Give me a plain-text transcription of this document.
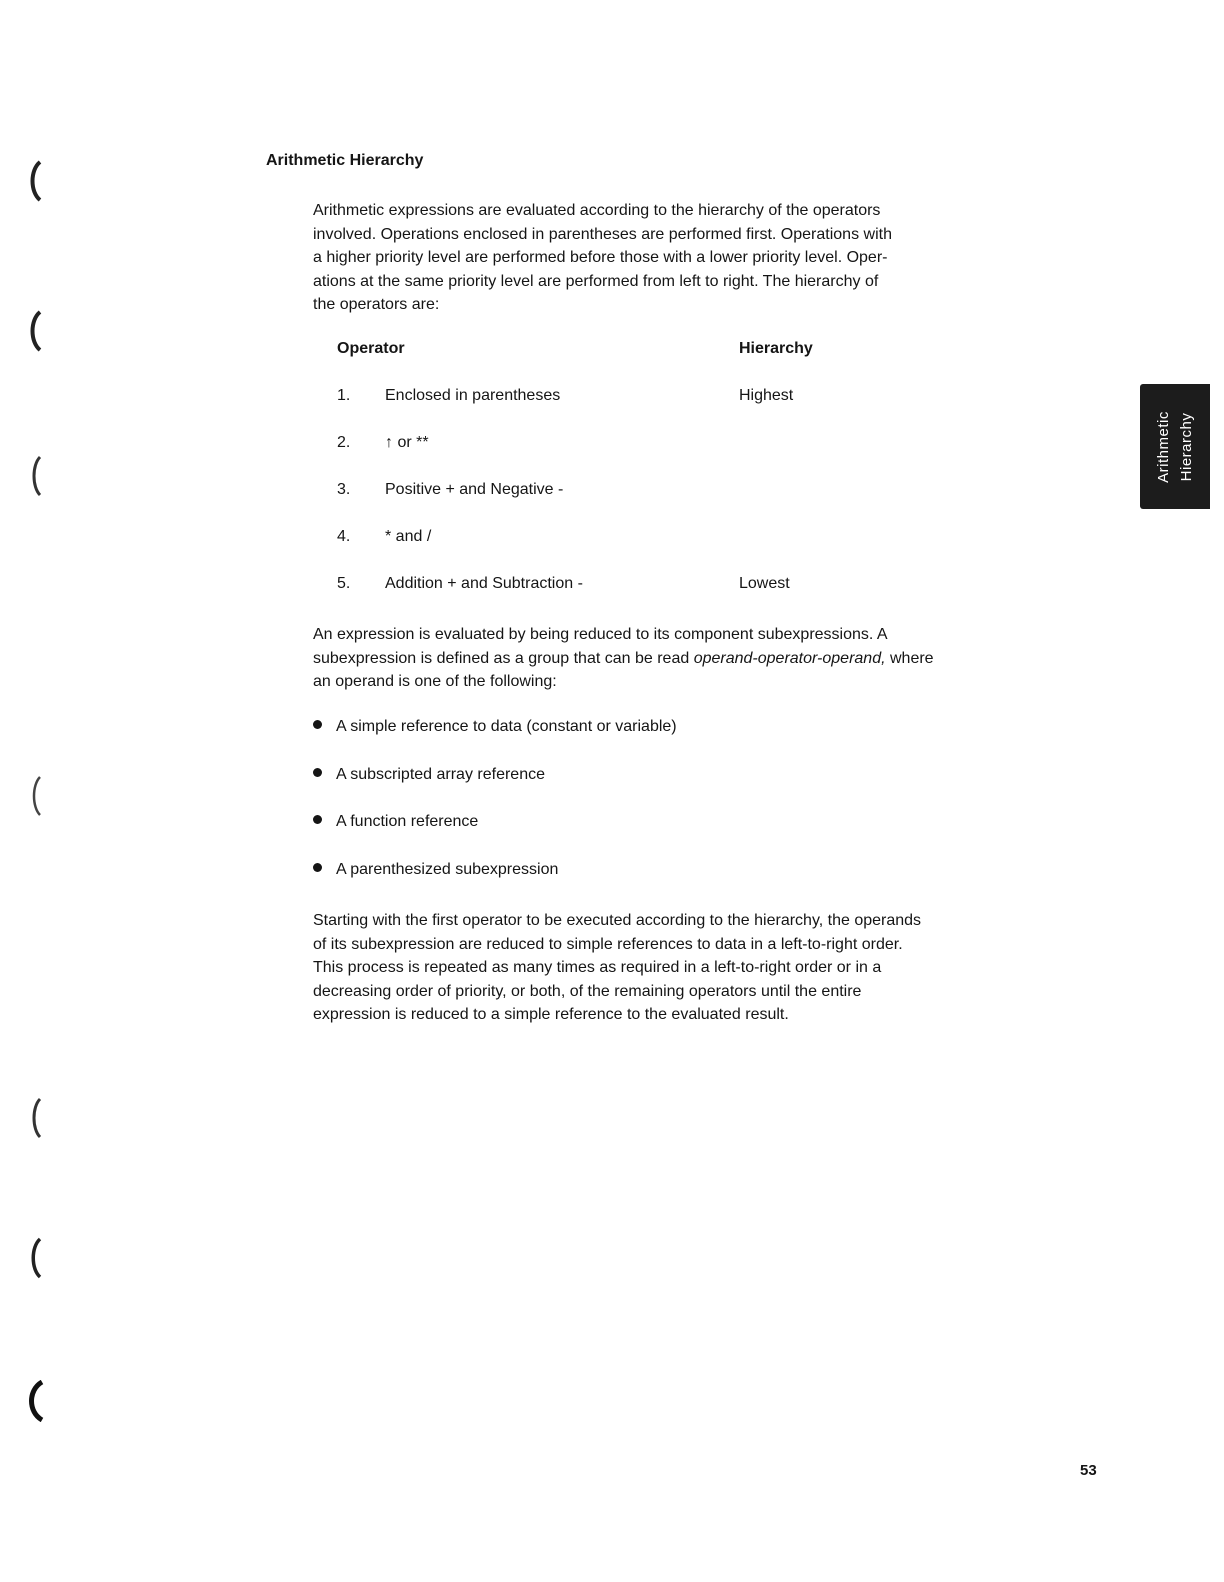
Arithmetic Hierarchy

Arithmetic expressions are evaluated according to the hierarchy of the operators
involved. Operations enclosed in parentheses are performed first. Operations with
a higher priority level are performed before those with a lower priority level. Oper-
ations at the same priority level are performed from left to right. The hierarchy of
the operators are:

Operator	Hierarchy
1. Enclosed in parentheses	Highest
2. ↑ or **
3. Positive + and Negative -
4. * and /
5. Addition + and Subtraction -	Lowest

An expression is evaluated by being reduced to its component subexpressions. A
subexpression is defined as a group that can be read operand-operator-operand, where
an operand is one of the following:

A simple reference to data (constant or variable)
A subscripted array reference
A function reference
A parenthesized subexpression

Starting with the first operator to be executed according to the hierarchy, the operands
of its subexpression are reduced to simple references to data in a left-to-right order.
This process is repeated as many times as required in a left-to-right order or in a
decreasing order of priority, or both, of the remaining operators until the entire
expression is reduced to a simple reference to the evaluated result.

Arithmetic Hierarchy
53
